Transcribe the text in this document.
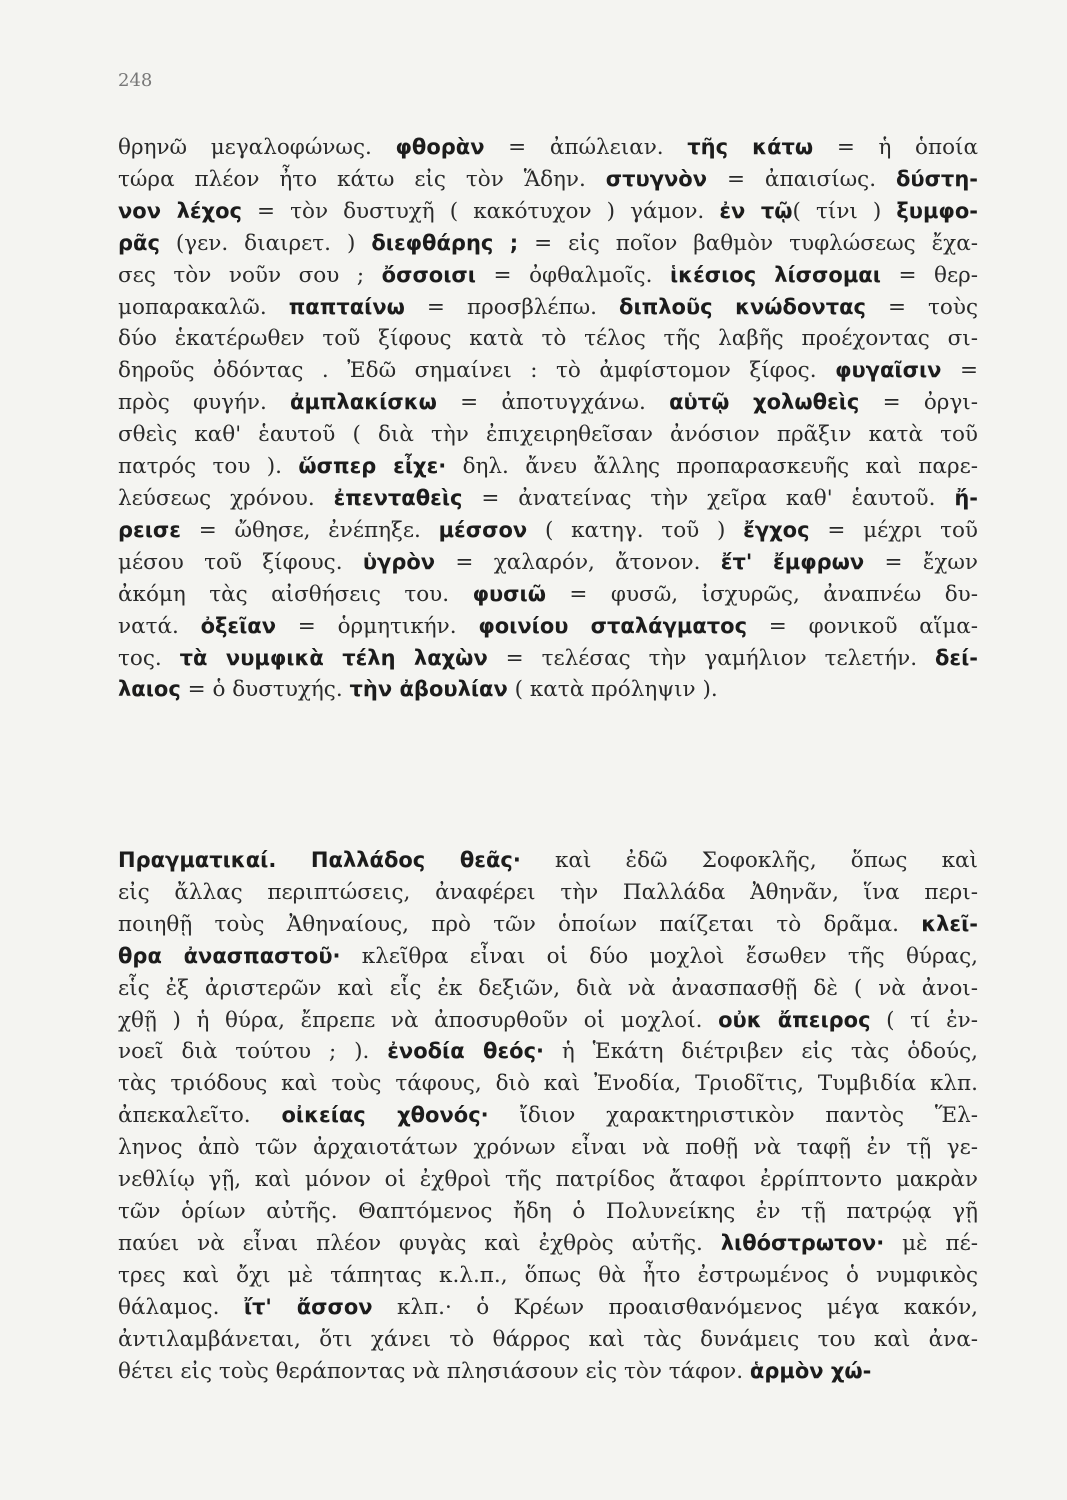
248
θρηνῶ μεγαλοφώνως. φθορὰν = ἀπώλειαν. τῆς κάτω = ἡ ὁποία
τώρα πλέον ἦτο κάτω εἰς τὸν Ἅδην. στυγνὸν = ἀπαισίως. δύστη-
νον λέχος = τὸν δυστυχῆ ( κακότυχον ) γάμον. ἐν τῷ( τίνι ) ξυμφο-
ρᾶς (γεν. διαιρετ. ) διεφθάρης ; = εἰς ποῖον βαθμὸν τυφλώσεως ἔχα-
σες τὸν νοῦν σου ; ὄσσοισι = ὀφθαλμοῖς. ἱκέσιος λίσσομαι = θερ-
μοπαρακαλῶ. παπταίνω = προσβλέπω. διπλοῦς κνώδοντας = τοὺς
δύο ἑκατέρωθεν τοῦ ξίφους κατὰ τὸ τέλος τῆς λαβῆς προέχοντας σι-
δηροῦς ὀδόντας . Ἐδῶ σημαίνει : τὸ ἀμφίστομον ξίφος. φυγαῖσιν =
πρὸς φυγήν. ἀμπλακίσκω = ἀποτυγχάνω. αὑτῷ χολωθεὶς = ὀργι-
σθεὶς καθ' ἑαυτοῦ ( διὰ τὴν ἐπιχειρηθεῖσαν ἀνόσιον πρᾶξιν κατὰ τοῦ
πατρός του ). ὥσπερ εἶχε· δηλ. ἄνευ ἄλλης προπαρασκευῆς καὶ παρε-
λεύσεως χρόνου. ἐπενταθεὶς = ἀνατείνας τὴν χεῖρα καθ' ἑαυτοῦ. ἤ-
ρεισε = ὤθησε, ἐνέπηξε. μέσσον ( κατηγ. τοῦ ) ἔγχος = μέχρι τοῦ
μέσου τοῦ ξίφους. ὑγρὸν = χαλαρόν, ἄτονον. ἔτ' ἔμφρων = ἔχων
ἀκόμη τὰς αἰσθήσεις του. φυσιῶ = φυσῶ, ἰσχυρῶς, ἀναπνέω δυ-
νατά. ὀξεῖαν = ὁρμητικήν. φοινίου σταλάγματος = φονικοῦ αἵμα-
τος. τὰ νυμφικὰ τέλη λαχὼν = τελέσας τὴν γαμήλιον τελετήν. δεί-
λαιος = ὁ δυστυχής. τὴν ἀβουλίαν ( κατὰ πρόληψιν ).
Πραγματικαί. Παλλάδος θεᾶς· καὶ ἐδῶ Σοφοκλῆς, ὅπως καὶ
εἰς ἄλλας περιπτώσεις, ἀναφέρει τὴν Παλλάδα Ἀθηνᾶν, ἵνα περι-
ποιηθῇ τοὺς Ἀθηναίους, πρὸ τῶν ὁποίων παίζεται τὸ δρᾶμα. κλεῖ-
θρα ἀνασπαστοῦ· κλεῖθρα εἶναι οἱ δύο μοχλοὶ ἔσωθεν τῆς θύρας,
εἷς ἐξ ἀριστερῶν καὶ εἷς ἐκ δεξιῶν, διὰ νὰ ἀνασπασθῇ δὲ ( νὰ ἀνοι-
χθῇ ) ἡ θύρα, ἔπρεπε νὰ ἀποσυρθοῦν οἱ μοχλοί. οὐκ ἄπειρος ( τί ἐν-
νοεῖ διὰ τούτου ; ). ἐνοδία θεός· ἡ Ἑκάτη διέτριβεν εἰς τὰς ὁδούς,
τὰς τριόδους καὶ τοὺς τάφους, διὸ καὶ Ἐνοδία, Τριοδῖτις, Τυμβιδία κλπ.
ἀπεκαλεῖτο. οἰκείας χθονός· ἴδιον χαρακτηριστικὸν παντὸς Ἕλ-
ληνος ἀπὸ τῶν ἀρχαιοτάτων χρόνων εἶναι νὰ ποθῇ νὰ ταφῇ ἐν τῇ γε-
νεθλίῳ γῇ, καὶ μόνον οἱ ἐχθροὶ τῆς πατρίδος ἄταφοι ἐρρίπτοντο μακρὰν
τῶν ὁρίων αὐτῆς. Θαπτόμενος ἤδη ὁ Πολυνείκης ἐν τῇ πατρῴᾳ γῇ
παύει νὰ εἶναι πλέον φυγὰς καὶ ἐχθρὸς αὐτῆς. λιθόστρωτον· μὲ πέ-
τρες καὶ ὄχι μὲ τάπητας κ.λ.π., ὅπως θὰ ἦτο ἐστρωμένος ὁ νυμφικὸς
θάλαμος. ἴτ' ἄσσον κλπ.· ὁ Κρέων προαισθανόμενος μέγα κακόν,
ἀντιλαμβάνεται, ὅτι χάνει τὸ θάρρος καὶ τὰς δυνάμεις του καὶ ἀνα-
θέτει εἰς τοὺς θεράποντας νὰ πλησιάσουν εἰς τὸν τάφον. ἁρμὸν χώ-
